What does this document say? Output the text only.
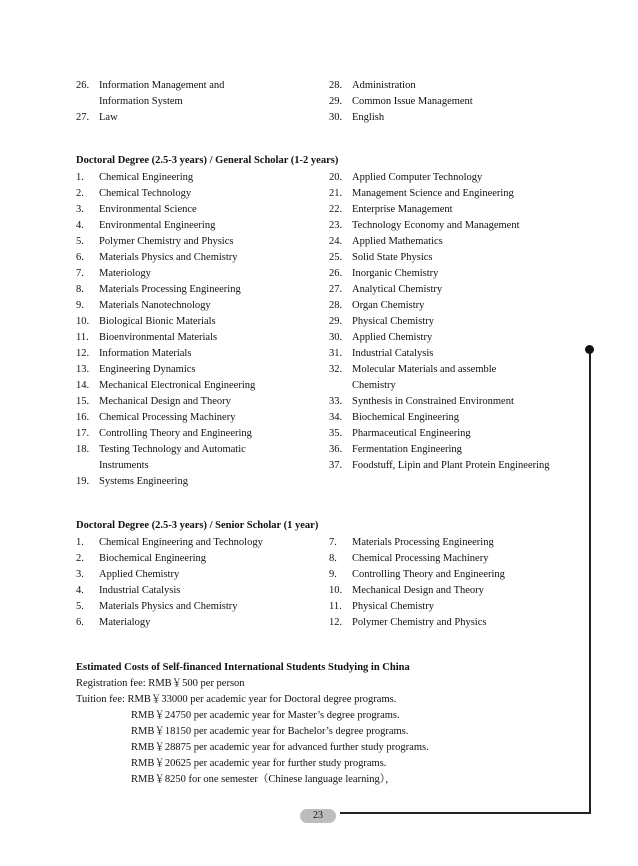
26. Information Management and
Information System
27. Law
28. Administration
29. Common Issue Management
30. English
Doctoral Degree (2.5-3 years) / General Scholar (1-2 years)
1. Chemical Engineering
2. Chemical Technology
3. Environmental Science
4. Environmental Engineering
5. Polymer Chemistry and Physics
6. Materials Physics and Chemistry
7. Materiology
8. Materials Processing Engineering
9. Materials Nanotechnology
10. Biological Bionic Materials
11. Bioenvironmental Materials
12. Information Materials
13. Engineering Dynamics
14. Mechanical Electronical Engineering
15. Mechanical Design and Theory
16. Chemical Processing Machinery
17. Controlling Theory and Engineering
18. Testing Technology and Automatic
Instruments
19. Systems Engineering
20. Applied Computer Technology
21. Management Science and Engineering
22. Enterprise Management
23. Technology Economy and Management
24. Applied Mathematics
25. Solid State Physics
26. Inorganic Chemistry
27. Analytical Chemistry
28. Organ Chemistry
29. Physical Chemistry
30. Applied Chemistry
31. Industrial Catalysis
32. Molecular Materials and assemble
Chemistry
33. Synthesis in Constrained Environment
34. Biochemical Engineering
35. Pharmaceutical Engineering
36. Fermentation Engineering
37. Foodstuff, Lipin and Plant Protein Engineering
Doctoral Degree (2.5-3 years) / Senior Scholar (1 year)
1. Chemical Engineering and Technology
2. Biochemical Engineering
3. Applied Chemistry
4. Industrial Catalysis
5. Materials Physics and Chemistry
6. Materialogy
7. Materials Processing Engineering
8. Chemical Processing Machinery
9. Controlling Theory and Engineering
10. Mechanical Design and Theory
11. Physical Chemistry
12. Polymer Chemistry and Physics
Estimated Costs of Self-financed International Students Studying in China
Registration fee: RMB￥500 per person
Tuition fee: RMB￥33000 per academic year for Doctoral degree programs.
RMB￥24750 per academic year for Master’s degree programs.
RMB￥18150 per academic year for Bachelor’s degree programs.
RMB￥28875 per academic year for advanced further study programs.
RMB￥20625 per academic year for further study programs.
RMB￥8250 for one semester（Chinese language learning），
23
